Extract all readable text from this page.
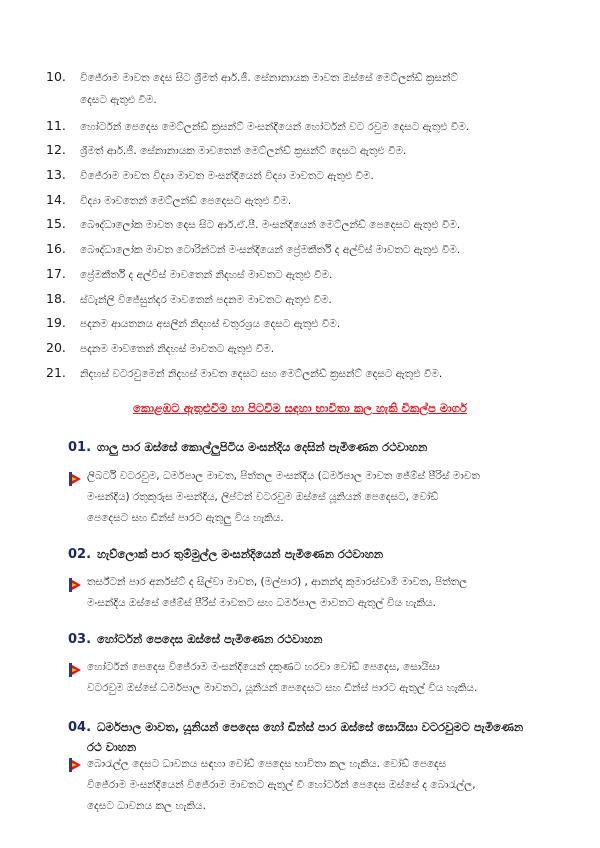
10.	විජේරාම මාවත දෙස සිට ශ්‍රීමත් ආර්.ජී. සේනානායක මාවත ඔස්සේ මෙට්ලන්ඩ් ක්‍රසන්ට්
දෙසට ඇතුළු වීම.
11.	හෝර්ටන් පෙදෙස මෙට්ලන්ඩ් ක්‍රසන්ට් මංසන්දියෙන් හෝර්ටන් වට රවුම දෙසට ඇතුළු වීම.
12.	ශ්‍රීමත් ආර්.ජී. සේනානායක මාවතෙන් මෙට්ලන්ඩ් ක්‍රසන්ට් දෙසට ඇතුළු වීම.
13.	විජේරාම මාවත විද්‍යා මාවත මංසන්දියෙන් විද්‍යා මාවතට ඇතුළු වීම.
14.	විද්‍යා මාවතෙන් මෙට්ලන්ඩ් පෙදෙසට ඇතුළු වීම.
15.	බෞද්ධාලෝක මාවත දෙස සිට ආර්.ඒ.පී. මංසන්දියෙන් මෙට්ලන්ඩ් පෙදෙසට ඇතුළු වීම.
16.	බෞද්ධාලෝක මාවත ටොරින්ටන් මංසන්දියෙන් ප්‍රේමකීර්ති ද අල්විස් මාවතට ඇතුළු වීම.
17.	ප්‍රේමකීර්ති ද අල්විස් මාවතෙන් නිදහස් මාවතට ඇතුළු වීම.
18.	ස්ටැන්ලි විජේසුන්දර මාවතෙන් පදනම මාවතට ඇතුළු වීම.
19.	පදනම ආයතනය අසලින් නිදහස් චතුරශ්‍රය දෙසට ඇතුළු වීම.
20.	පදනම මාවතෙන් නිදහස් මාවතට ඇතුළු වීම.
21.	නිදහස් වටරවුමෙන් නිදහස් මාවත දෙසට සහ මෙට්ලන්ඩ් ක්‍රසන්ට් දෙසට ඇතුළු වීම.
කොළඹට ඇතුළුවීම හා පිටවීම සඳහා භාවිතා කල හැකි විකල්ප මාර්ග
01. ගාලු පාර ඔස්සේ කොල්ලුපිටිය මංසන්දිය දෙසින් පැමිණෙන රථවාහන
ලිබර්ටි වටරවුම, ධර්මපාල මාවත, පිත්තල මංසන්දිය (ධර්මපාල මාවත ජේම්ස් පීරිස් මාවත
මංසන්දිය) රතුකුරුස මංසන්දිය, ලිප්ටන් වටරවුම ඔස්සේ යූනියන් පෙදෙසට, වෝඩ්
පෙදෙසට සහ ඩීන්ස් පාරට ඇතුලු විය හැකිය.
02. හැව්ලොක් පාර තුම්මුල්ල මංසන්දියෙන් පැමිණෙන රථවාහන
තර්ස්ටන් පාර අර්නස්ට් ද සිල්වා මාවත, (මල්පාර) , ආනන්ද කුමාරස්වාමි මාවත, පිත්තල
මංසන්දිය ඔස්සේ ජේම්ස් පීරිස් මාවතට සහ ධර්මපාල මාවතට ඇතුල් විය හැකිය.
03. හෝර්ටන් පෙදෙස ඔස්සේ පැමිණෙන රථවාහන
හෝර්ටන් පෙදෙස විජේරාම මංසන්දියෙන් දකුණට හරවා වෝඩ් පෙදෙස, සොයිසා
වටරවුම ඔස්සේ ධර්මපාල මාවතට, යූනියන් පෙදෙසට සහ ඩීන්ස් පාරට ඇතුල් විය හැකිය.
04. ධර්මපාල මාවත, යූනියන් පෙදෙස හෝ ඩීන්ස් පාර ඔස්සේ සොයිසා වටරවුමට පැමිණෙන
රථ වාහන
බොරැල්ල දෙසට ධාවනය සඳහා වෝඩ් පෙදෙස භාවිතා කල හැකිය. වෝඩ් පෙදෙස
විජේරාම මංසන්දියෙන් විජේරාම මාවතට ඇතුල් වී හෝර්ටන් පෙදෙස ඔස්සේ ද බොරැල්ල,
දෙසට ධාවනය කල හැකිය.
